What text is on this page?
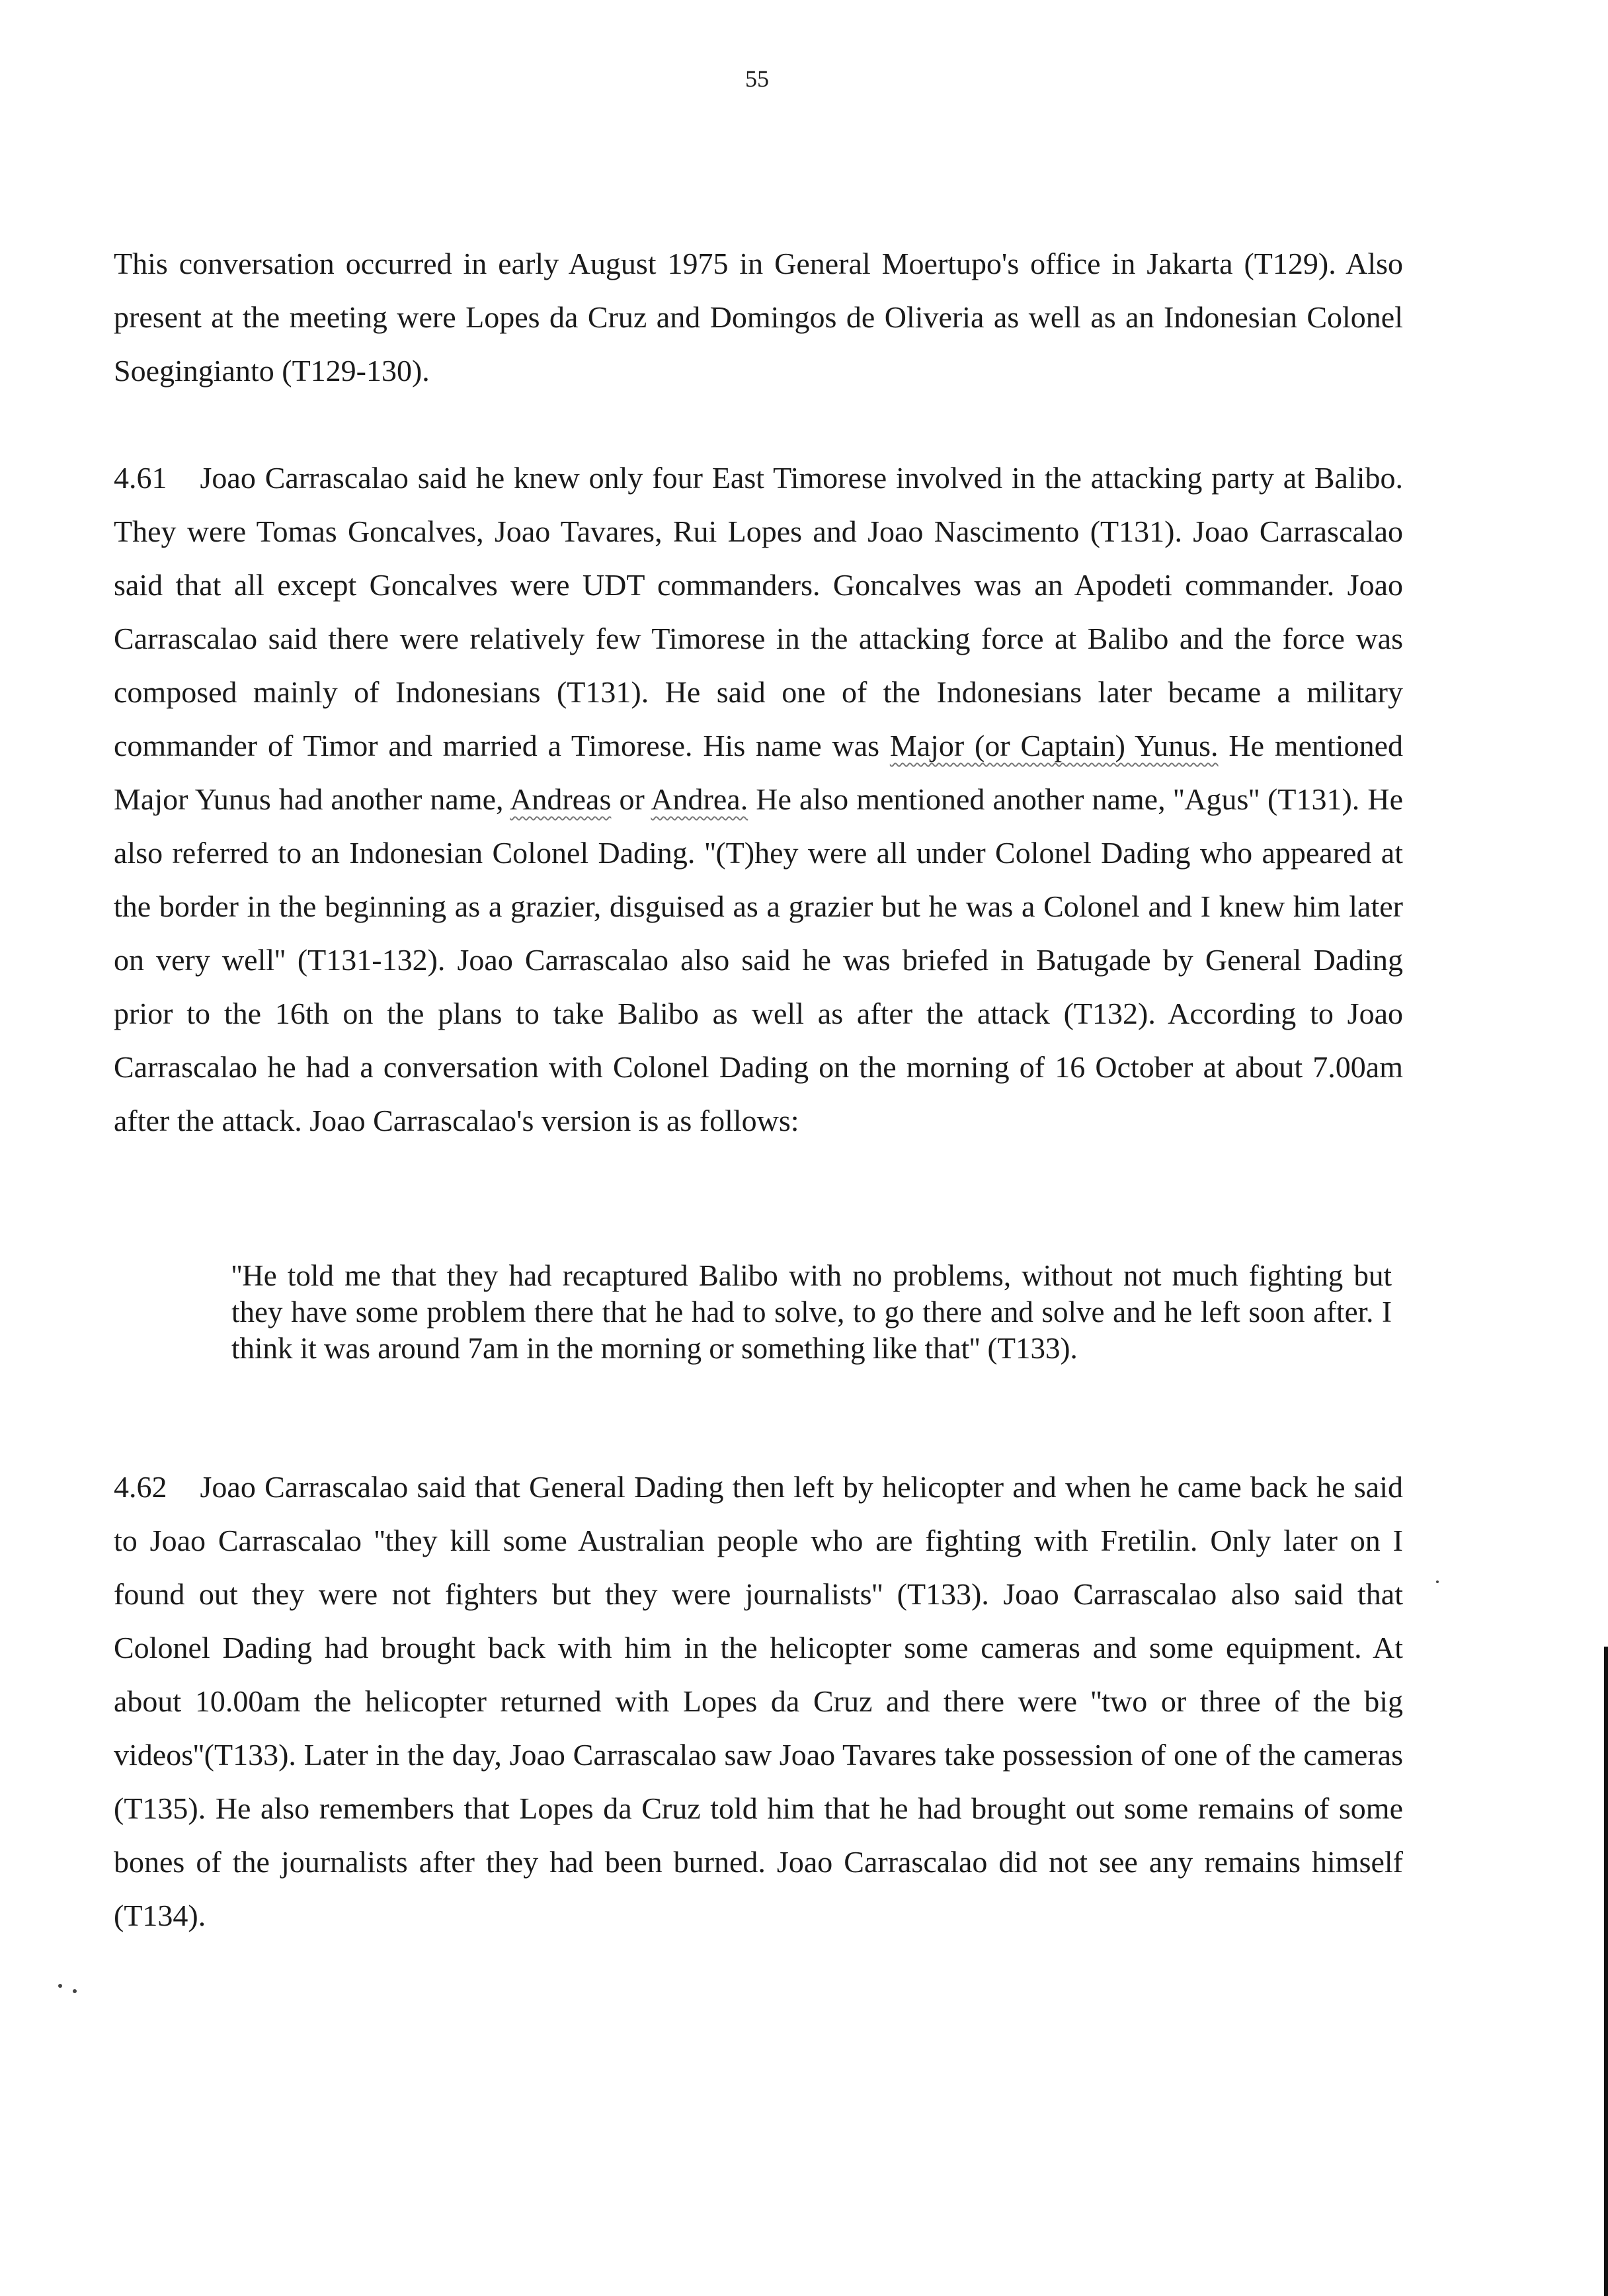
55

This conversation occurred in early August 1975 in General Moertupo's office in Jakarta (T129). Also present at the meeting were Lopes da Cruz and Domingos de Oliveria as well as an Indonesian Colonel Soegingianto (T129-130).

4.61 Joao Carrascalao said he knew only four East Timorese involved in the attacking party at Balibo. They were Tomas Goncalves, Joao Tavares, Rui Lopes and Joao Nascimento (T131). Joao Carrascalao said that all except Goncalves were UDT commanders. Goncalves was an Apodeti commander. Joao Carrascalao said there were relatively few Timorese in the attacking force at Balibo and the force was composed mainly of Indonesians (T131). He said one of the Indonesians later became a military commander of Timor and married a Timorese. His name was Major (or Captain) Yunus. He mentioned Major Yunus had another name, Andreas or Andrea. He also mentioned another name, ''Agus'' (T131). He also referred to an Indonesian Colonel Dading. ''(T)hey were all under Colonel Dading who appeared at the border in the beginning as a grazier, disguised as a grazier but he was a Colonel and I knew him later on very well'' (T131-132). Joao Carrascalao also said he was briefed in Batugade by General Dading prior to the 16th on the plans to take Balibo as well as after the attack (T132). According to Joao Carrascalao he had a conversation with Colonel Dading on the morning of 16 October at about 7.00am after the attack. Joao Carrascalao's version is as follows:

''He told me that they had recaptured Balibo with no problems, without not much fighting but they have some problem there that he had to solve, to go there and solve and he left soon after. I think it was around 7am in the morning or something like that'' (T133).

4.62 Joao Carrascalao said that General Dading then left by helicopter and when he came back he said to Joao Carrascalao ''they kill some Australian people who are fighting with Fretilin. Only later on I found out they were not fighters but they were journalists'' (T133). Joao Carrascalao also said that Colonel Dading had brought back with him in the helicopter some cameras and some equipment. At about 10.00am the helicopter returned with Lopes da Cruz and there were ''two or three of the big videos''(T133). Later in the day, Joao Carrascalao saw Joao Tavares take possession of one of the cameras (T135). He also remembers that Lopes da Cruz told him that he had brought out some remains of some bones of the journalists after they had been burned. Joao Carrascalao did not see any remains himself (T134).
